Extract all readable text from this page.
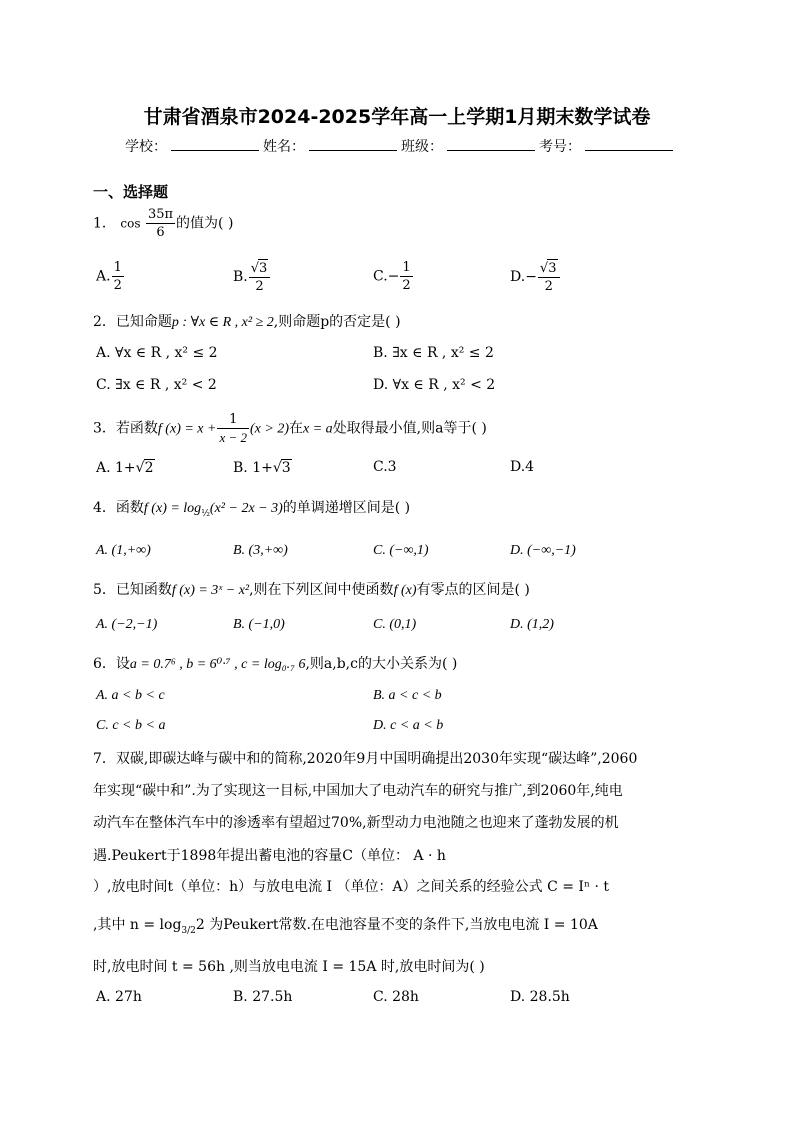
甘肃省酒泉市2024-2025学年高一上学期1月期末数学试卷
学校：	姓名：	班级：	考号：
一、选择题
1． $\cos \frac{35\pi}{6}$ 的值为( )
A. $\frac{1}{2}$	B. $\frac{√3}{2}$	$C.- \frac{1}{2}$	$D.- \frac{√3}{2}$
2．已知命题p : ∀x ∈ R , x² ≥ 2,则命题p的否定是( )
A. ∀x ∈ R , x² ≤ 2	B. ∃x ∈ R , x² ≤ 2
C. ∃x ∈ R , x² < 2	D. ∀x ∈ R , x² < 2
3．若函数f $(x) = x + \frac{1}{x - 2} (x > 2)$在x = a处取得最小值,则a等于( )
A. 1+√2	B. 1+√3	C.3	D.4
4．函数f $(x) = \log_{\frac{1}{2}}(x^2 - 2x - 3)$的单调递增区间是( )
A. (1,+∞)	B. (3,+∞)	C. (−∞,1)	D. (−∞,−1)
5．已知函数f (x) = 3ˣ − x²,则在下列区间中使函数f (x)有零点的区间是( )
A. (−2,−1)	B. (−1,0)	C. (0,1)	D. (1,2)
6．设a = 0.7⁶ , b = 6⁰·⁷ , c = log₀.₇ 6,则a,b,c的大小关系为( )
A. a < b < c	B. a < c < b
C. c < b < a	D. c < a < b
7．双碳,即碳达峰与碳中和的简称,2020年9月中国明确提出2030年实现“碳达峰”,2060
年实现“碳中和”.为了实现这一目标,中国加大了电动汽车的研究与推广,到2060年,纯电
动汽车在整体汽车中的渗透率有望超过70%,新型动力电池随之也迎来了蓬勃发展的机
遇.Peukert于1898年提出蓄电池的容量C（单位： A · h
）,放电时间t（单位：h）与放电电流 I （单位：A）之间关系的经验公式 C = Iⁿ · t
,其中 $n = \log_{3/2}2$ 为Peukert常数.在电池容量不变的条件下,当放电电流 I = 10A
时,放电时间 t = 56h ,则当放电电流 I = 15A 时,放电时间为( )
A. 27h	B. 27.5h	C. 28h	D. 28.5h
